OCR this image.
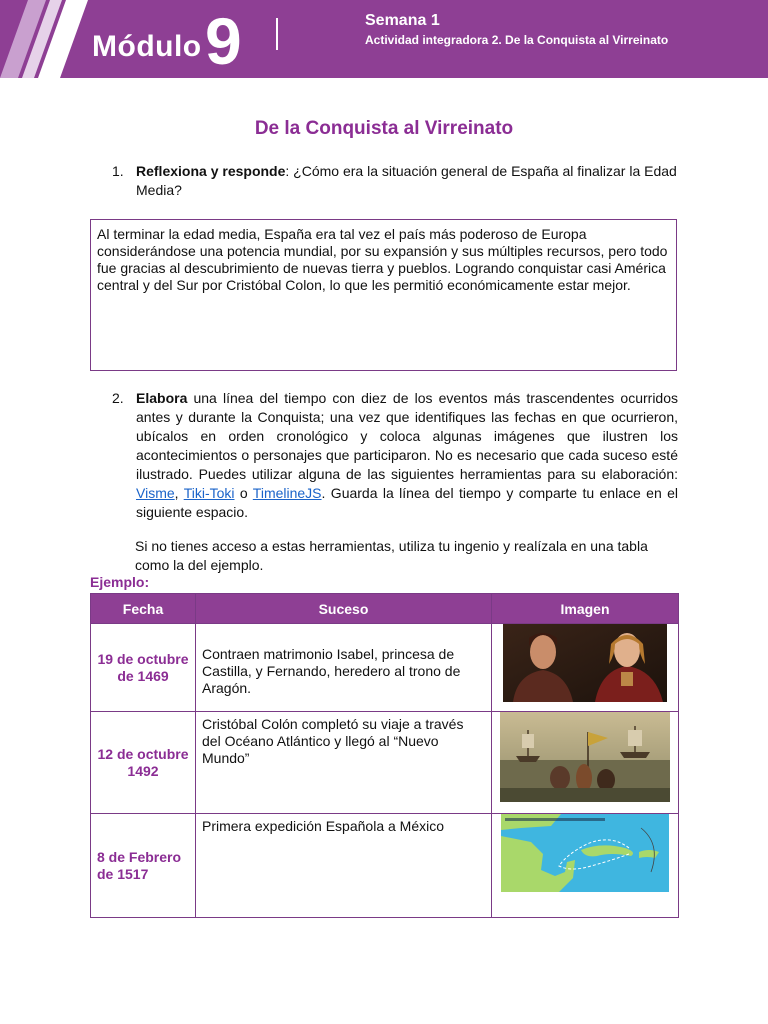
Módulo 9	Semana 1
Actividad integradora 2. De la Conquista al Virreinato
De la Conquista al Virreinato
1. Reflexiona y responde: ¿Cómo era la situación general de España al finalizar la Edad Media?
Al terminar la edad media, España era tal vez el país más poderoso de Europa considerándose una potencia mundial, por su expansión y sus múltiples recursos, pero todo fue gracias al descubrimiento de nuevas tierra y pueblos. Logrando conquistar casi América central y del Sur por Cristóbal Colon, lo que les permitió económicamente estar mejor.
2. Elabora una línea del tiempo con diez de los eventos más trascendentes ocurridos antes y durante la Conquista; una vez que identifiques las fechas en que ocurrieron, ubícalos en orden cronológico y coloca algunas imágenes que ilustren los acontecimientos o personajes que participaron. No es necesario que cada suceso esté ilustrado. Puedes utilizar alguna de las siguientes herramientas para su elaboración: Visme, Tiki-Toki o TimelineJS. Guarda la línea del tiempo y comparte tu enlace en el siguiente espacio.
Si no tienes acceso a estas herramientas, utiliza tu ingenio y realízala en una tabla como la del ejemplo.
Ejemplo:
Fecha	Suceso	Imagen
19 de octubre de 1469	Contraen matrimonio Isabel, princesa de Castilla, y Fernando, heredero al trono de Aragón.	

12 de octubre 1492	Cristóbal Colón completó su viaje a través del Océano Atlántico y llegó al “Nuevo Mundo”	

8 de Febrero de 1517	Primera expedición Española a México	
